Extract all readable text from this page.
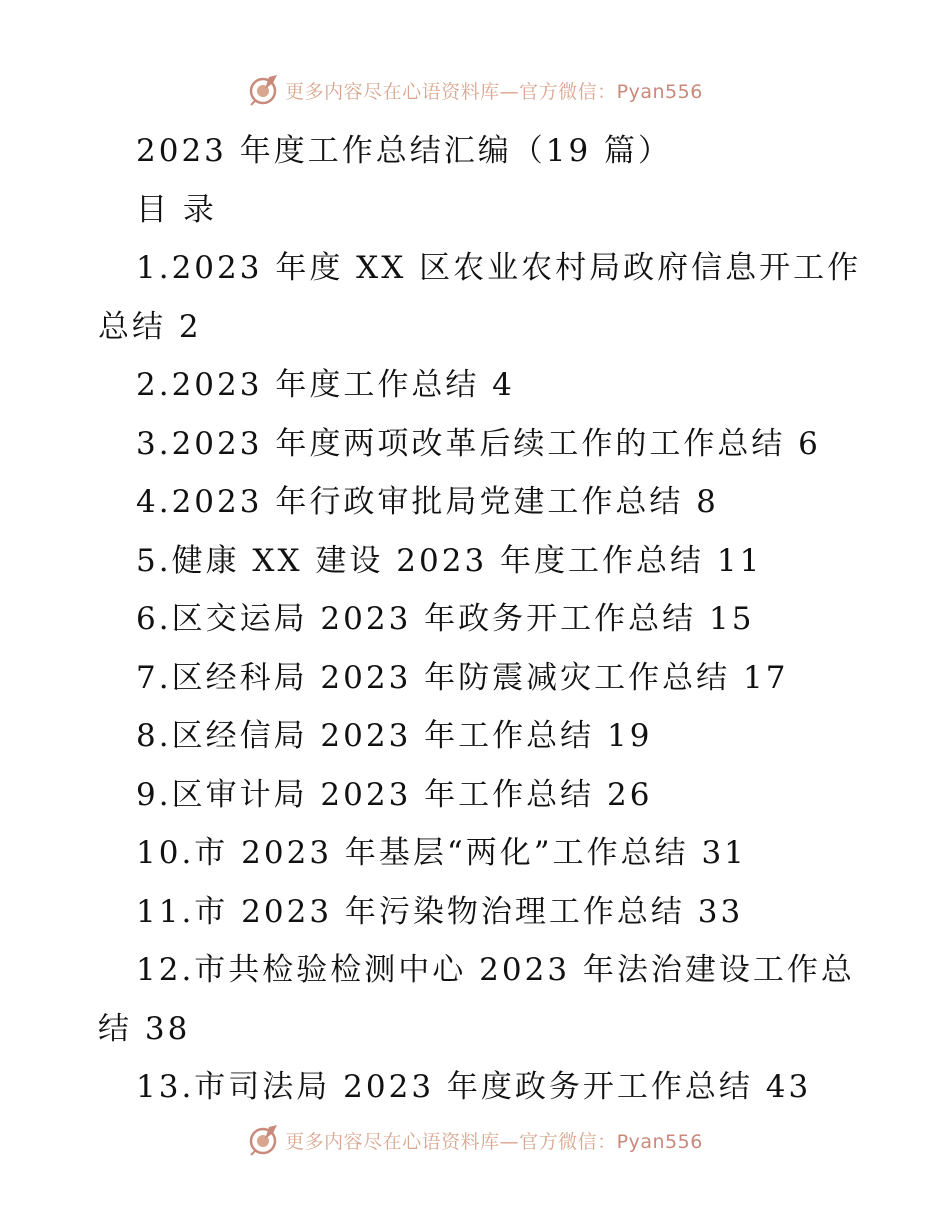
更多内容尽在心语资料库—官方微信：Pyan556
2023 年度工作总结汇编（19 篇）
目 录
1.2023 年度 XX 区农业农村局政府信息开工作
总结 2
2.2023 年度工作总结 4
3.2023 年度两项改革后续工作的工作总结 6
4.2023 年行政审批局党建工作总结 8
5.健康 XX 建设 2023 年度工作总结 11
6.区交运局 2023 年政务开工作总结 15
7.区经科局 2023 年防震减灾工作总结 17
8.区经信局 2023 年工作总结 19
9.区审计局 2023 年工作总结 26
10.市 2023 年基层“两化”工作总结 31
11.市 2023 年污染物治理工作总结 33
12.市共检验检测中心 2023 年法治建设工作总
结 38
13.市司法局 2023 年度政务开工作总结 43
更多内容尽在心语资料库—官方微信：Pyan556
